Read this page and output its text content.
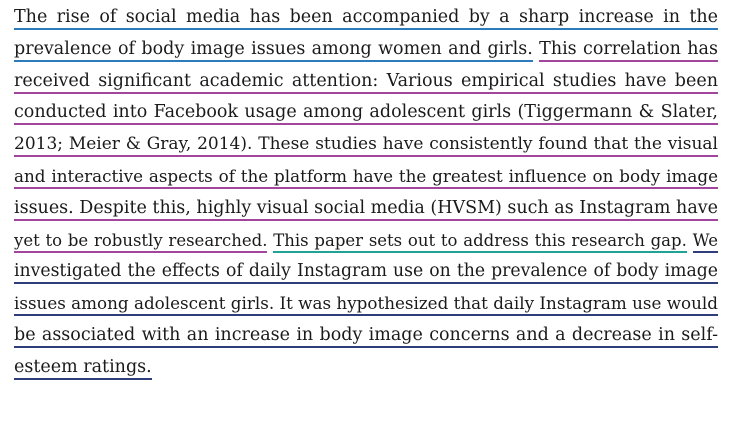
The rise of social media has been accompanied by a sharp increase in the
prevalence of body image issues among women and girls. This correlation has
received significant academic attention: Various empirical studies have been
conducted into Facebook usage among adolescent girls (Tiggermann & Slater,
2013; Meier & Gray, 2014). These studies have consistently found that the visual
and interactive aspects of the platform have the greatest influence on body image
issues. Despite this, highly visual social media (HVSM) such as Instagram have
yet to be robustly researched. This paper sets out to address this research gap. We
investigated the effects of daily Instagram use on the prevalence of body image
issues among adolescent girls. It was hypothesized that daily Instagram use would
be associated with an increase in body image concerns and a decrease in self-
esteem ratings.
